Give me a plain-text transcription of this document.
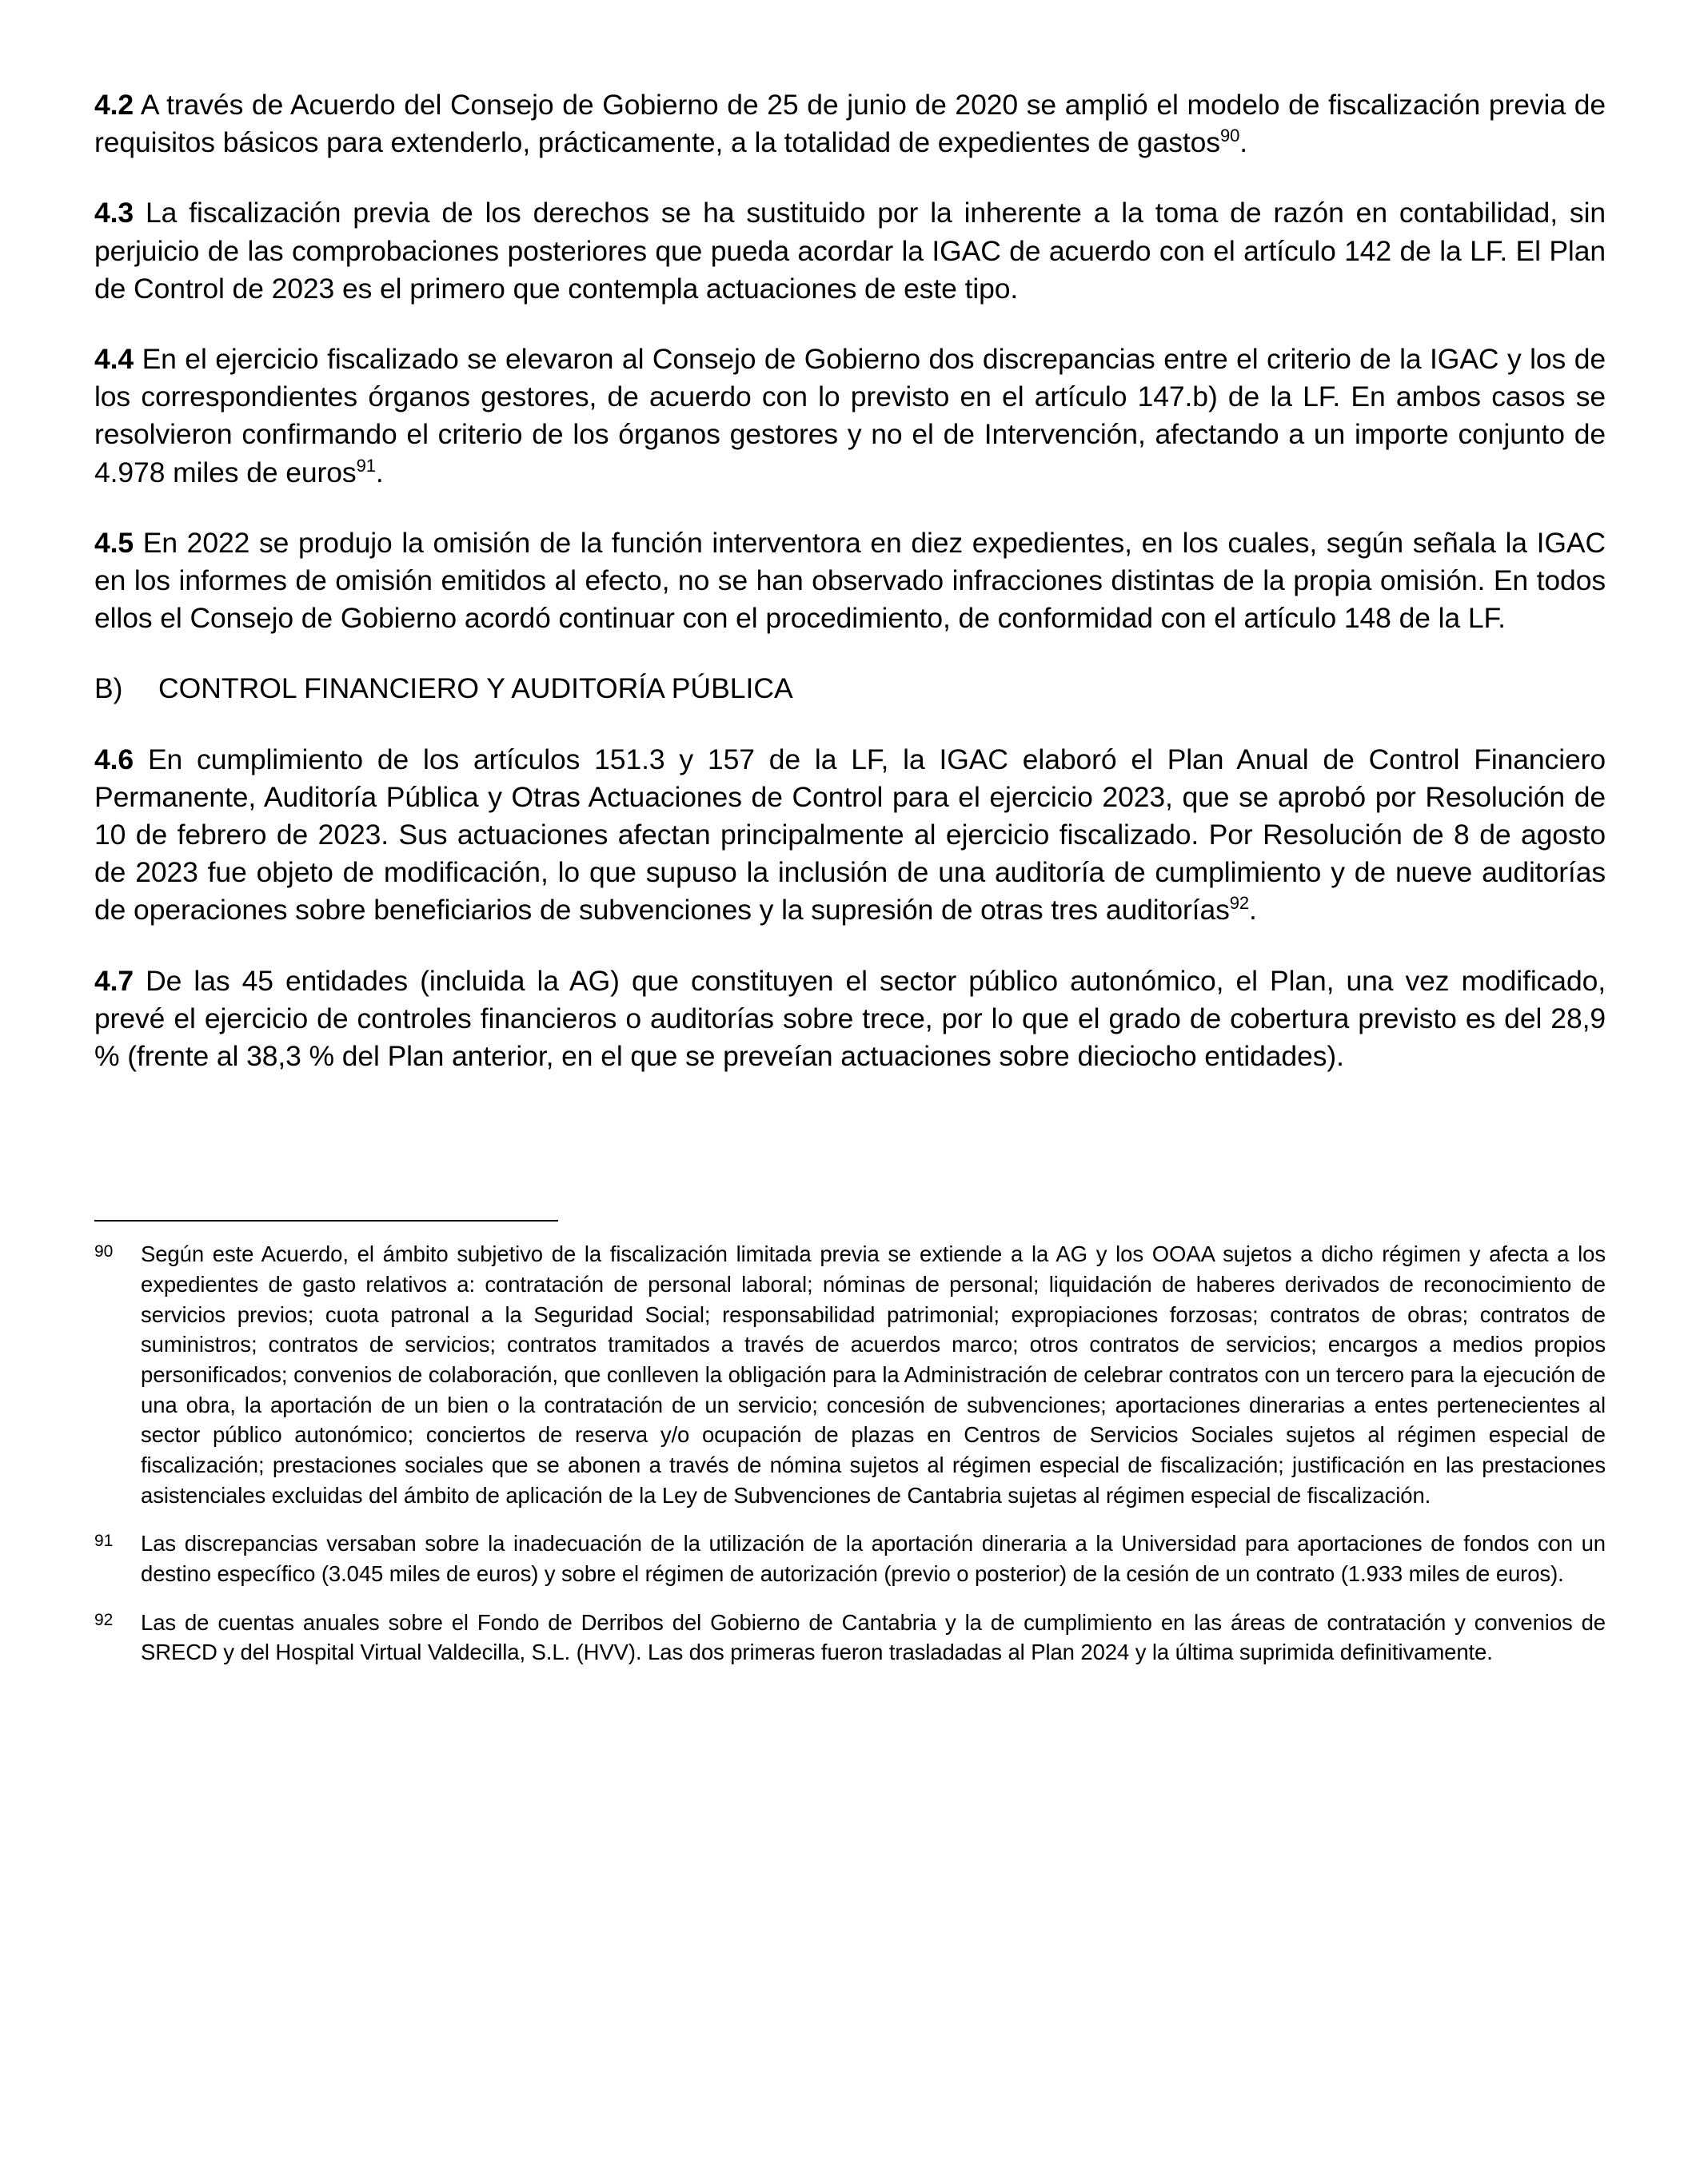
4.2 A través de Acuerdo del Consejo de Gobierno de 25 de junio de 2020 se amplió el modelo de fiscalización previa de requisitos básicos para extenderlo, prácticamente, a la totalidad de expedientes de gastos$^{90}$.

4.3 La fiscalización previa de los derechos se ha sustituido por la inherente a la toma de razón en contabilidad, sin perjuicio de las comprobaciones posteriores que pueda acordar la IGAC de acuerdo con el artículo 142 de la LF. El Plan de Control de 2023 es el primero que contempla actuaciones de este tipo.

4.4 En el ejercicio fiscalizado se elevaron al Consejo de Gobierno dos discrepancias entre el criterio de la IGAC y los de los correspondientes órganos gestores, de acuerdo con lo previsto en el artículo 147.b) de la LF. En ambos casos se resolvieron confirmando el criterio de los órganos gestores y no el de Intervención, afectando a un importe conjunto de 4.978 miles de euros$^{91}$.

4.5 En 2022 se produjo la omisión de la función interventora en diez expedientes, en los cuales, según señala la IGAC en los informes de omisión emitidos al efecto, no se han observado infracciones distintas de la propia omisión. En todos ellos el Consejo de Gobierno acordó continuar con el procedimiento, de conformidad con el artículo 148 de la LF.

B)	CONTROL FINANCIERO Y AUDITORÍA PÚBLICA

4.6 En cumplimiento de los artículos 151.3 y 157 de la LF, la IGAC elaboró el Plan Anual de Control Financiero Permanente, Auditoría Pública y Otras Actuaciones de Control para el ejercicio 2023, que se aprobó por Resolución de 10 de febrero de 2023. Sus actuaciones afectan principalmente al ejercicio fiscalizado. Por Resolución de 8 de agosto de 2023 fue objeto de modificación, lo que supuso la inclusión de una auditoría de cumplimiento y de nueve auditorías de operaciones sobre beneficiarios de subvenciones y la supresión de otras tres auditorías$^{92}$.

4.7 De las 45 entidades (incluida la AG) que constituyen el sector público autonómico, el Plan, una vez modificado, prevé el ejercicio de controles financieros o auditorías sobre trece, por lo que el grado de cobertura previsto es del 28,9 % (frente al 38,3 % del Plan anterior, en el que se preveían actuaciones sobre dieciocho entidades).

90	Según este Acuerdo, el ámbito subjetivo de la fiscalización limitada previa se extiende a la AG y los OOAA sujetos a dicho régimen y afecta a los expedientes de gasto relativos a: contratación de personal laboral; nóminas de personal; liquidación de haberes derivados de reconocimiento de servicios previos; cuota patronal a la Seguridad Social; responsabilidad patrimonial; expropiaciones forzosas; contratos de obras; contratos de suministros; contratos de servicios; contratos tramitados a través de acuerdos marco; otros contratos de servicios; encargos a medios propios personificados; convenios de colaboración, que conlleven la obligación para la Administración de celebrar contratos con un tercero para la ejecución de una obra, la aportación de un bien o la contratación de un servicio; concesión de subvenciones; aportaciones dinerarias a entes pertenecientes al sector público autonómico; conciertos de reserva y/o ocupación de plazas en Centros de Servicios Sociales sujetos al régimen especial de fiscalización; prestaciones sociales que se abonen a través de nómina sujetos al régimen especial de fiscalización; justificación en las prestaciones asistenciales excluidas del ámbito de aplicación de la Ley de Subvenciones de Cantabria sujetas al régimen especial de fiscalización.
91	Las discrepancias versaban sobre la inadecuación de la utilización de la aportación dineraria a la Universidad para aportaciones de fondos con un destino específico (3.045 miles de euros) y sobre el régimen de autorización (previo o posterior) de la cesión de un contrato (1.933 miles de euros).
92	Las de cuentas anuales sobre el Fondo de Derribos del Gobierno de Cantabria y la de cumplimiento en las áreas de contratación y convenios de SRECD y del Hospital Virtual Valdecilla, S.L. (HVV). Las dos primeras fueron trasladadas al Plan 2024 y la última suprimida definitivamente.
